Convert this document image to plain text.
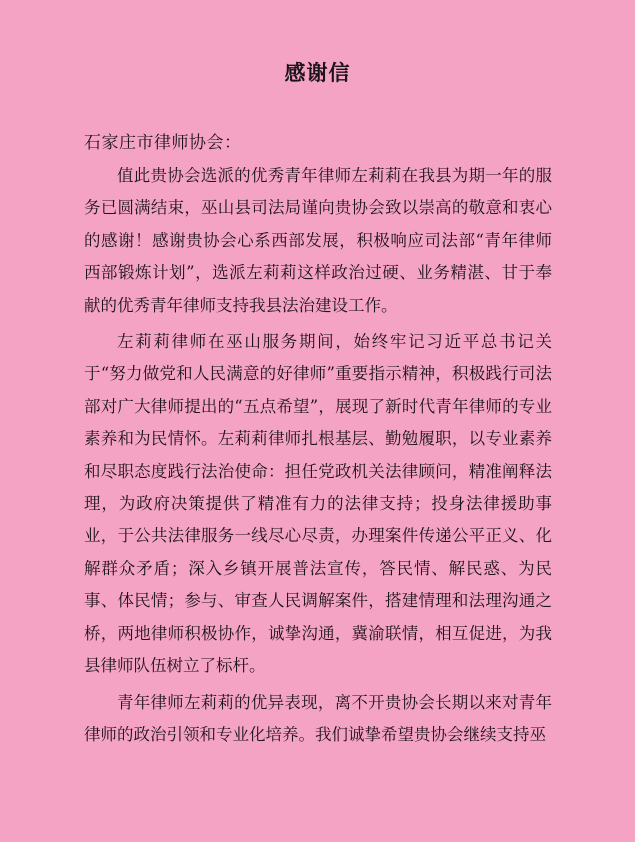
感谢信
石家庄市律师协会：

值此贵协会选派的优秀青年律师左莉莉在我县为期一年的服务已圆满结束，巫山县司法局谨向贵协会致以崇高的敬意和衷心的感谢！感谢贵协会心系西部发展，积极响应司法部“青年律师西部锻炼计划”，选派左莉莉这样政治过硬、业务精湛、甘于奉献的优秀青年律师支持我县法治建设工作。

左莉莉律师在巫山服务期间，始终牢记习近平总书记关于“努力做党和人民满意的好律师”重要指示精神，积极践行司法部对广大律师提出的“五点希望”，展现了新时代青年律师的专业素养和为民情怀。左莉莉律师扎根基层、勤勉履职，以专业素养和尽职态度践行法治使命：担任党政机关法律顾问，精准阐释法理，为政府决策提供了精准有力的法律支持；投身法律援助事业，于公共法律服务一线尽心尽责，办理案件传递公平正义、化解群众矛盾；深入乡镇开展普法宣传，答民情、解民惑、为民事、体民情；参与、审查人民调解案件，搭建情理和法理沟通之桥，两地律师积极协作，诚挚沟通，冀渝联情，相互促进，为我县律师队伍树立了标杆。

青年律师左莉莉的优异表现，离不开贵协会长期以来对青年律师的政治引领和专业化培养。我们诚挚希望贵协会继续支持巫
